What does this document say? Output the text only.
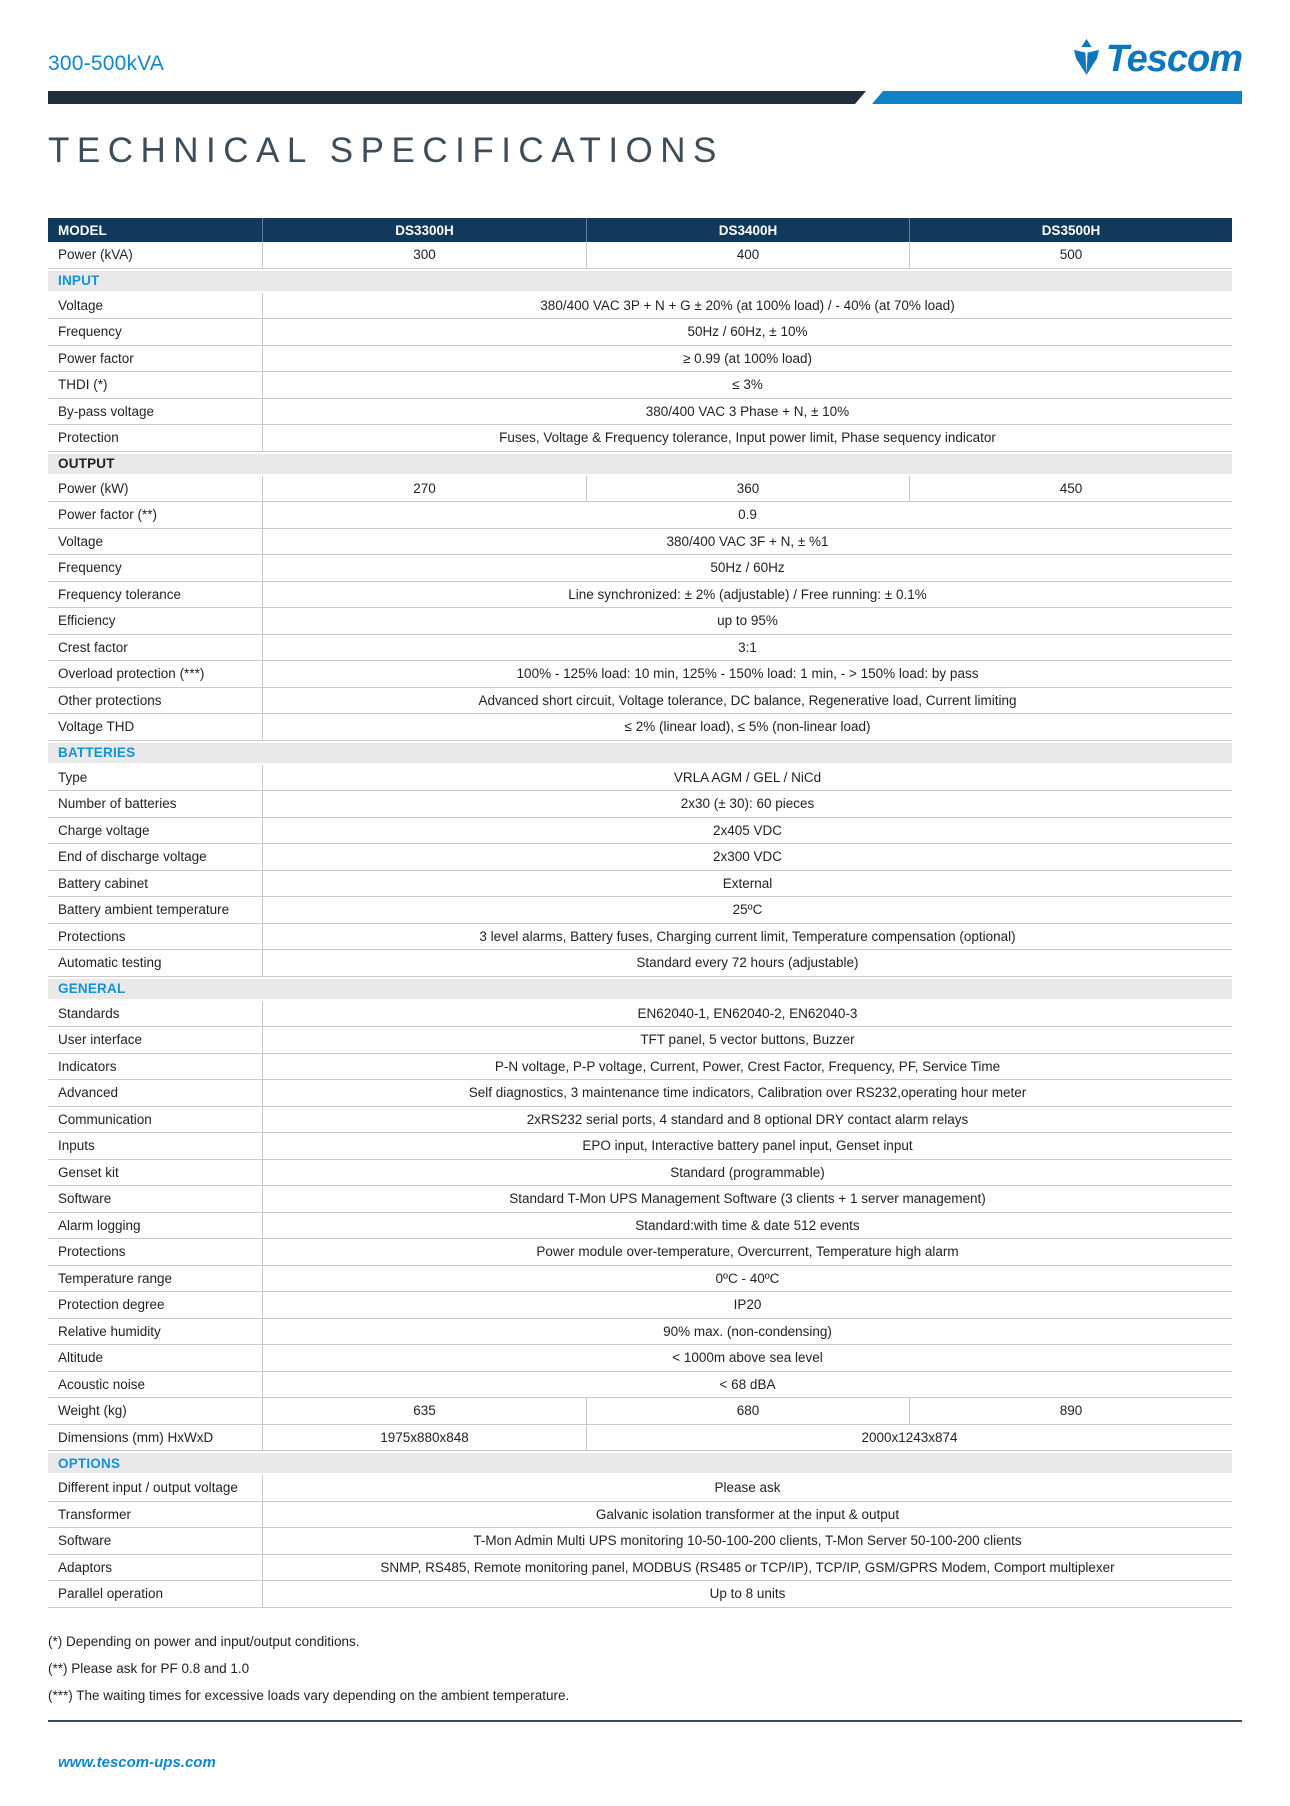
300-500kVA	Tescom
TECHNICAL SPECIFICATIONS
MODEL	DS3300H	DS3400H	DS3500H
Power (kVA)	300	400	500
INPUT
Voltage	380/400 VAC 3P + N + G ± 20% (at 100% load) / - 40% (at 70% load)
Frequency	50Hz / 60Hz, ± 10%
Power factor	≥ 0.99 (at 100% load)
THDI (*)	≤ 3%
By-pass voltage	380/400 VAC 3 Phase + N, ± 10%
Protection	Fuses, Voltage & Frequency tolerance, Input power limit, Phase sequency indicator
OUTPUT
Power (kW)	270	360	450
Power factor (**)	0.9
Voltage	380/400 VAC 3F + N, ± %1
Frequency	50Hz / 60Hz
Frequency tolerance	Line synchronized: ± 2% (adjustable) / Free running: ± 0.1%
Efficiency	up to 95%
Crest factor	3:1
Overload protection (***)	100% - 125% load: 10 min, 125% - 150% load: 1 min, - > 150% load: by pass
Other protections	Advanced short circuit, Voltage tolerance, DC balance, Regenerative load, Current limiting
Voltage THD	≤ 2% (linear load), ≤ 5% (non-linear load)
BATTERIES
Type	VRLA AGM / GEL / NiCd
Number of batteries	2x30 (± 30): 60 pieces
Charge voltage	2x405 VDC
End of discharge voltage	2x300 VDC
Battery cabinet	External
Battery ambient temperature	25ºC
Protections	3 level alarms, Battery fuses, Charging current limit, Temperature compensation (optional)
Automatic testing	Standard every 72 hours (adjustable)
GENERAL
Standards	EN62040-1, EN62040-2, EN62040-3
User interface	TFT panel, 5 vector buttons, Buzzer
Indicators	P-N voltage, P-P voltage, Current, Power, Crest Factor, Frequency, PF, Service Time
Advanced	Self diagnostics, 3 maintenance time indicators, Calibration over RS232,operating hour meter
Communication	2xRS232 serial ports, 4 standard and 8 optional DRY contact alarm relays
Inputs	EPO input, Interactive battery panel input, Genset input
Genset kit	Standard (programmable)
Software	Standard T-Mon UPS Management Software (3 clients + 1 server management)
Alarm logging	Standard:with time & date 512 events
Protections	Power module over-temperature, Overcurrent, Temperature high alarm
Temperature range	0ºC - 40ºC
Protection degree	IP20
Relative humidity	90% max. (non-condensing)
Altitude	< 1000m above sea level
Acoustic noise	< 68 dBA
Weight (kg)	635	680	890
Dimensions (mm) HxWxD	1975x880x848	2000x1243x874
OPTIONS
Different input / output voltage	Please ask
Transformer	Galvanic isolation transformer at the input & output
Software	T-Mon Admin Multi UPS monitoring 10-50-100-200 clients, T-Mon Server 50-100-200 clients
Adaptors	SNMP, RS485, Remote monitoring panel, MODBUS (RS485 or TCP/IP), TCP/IP, GSM/GPRS Modem, Comport multiplexer
Parallel operation	Up to 8 units
(*) Depending on power and input/output conditions.
(**) Please ask for PF 0.8 and 1.0
(***) The waiting times for excessive loads vary depending on the ambient temperature.
www.tescom-ups.com
